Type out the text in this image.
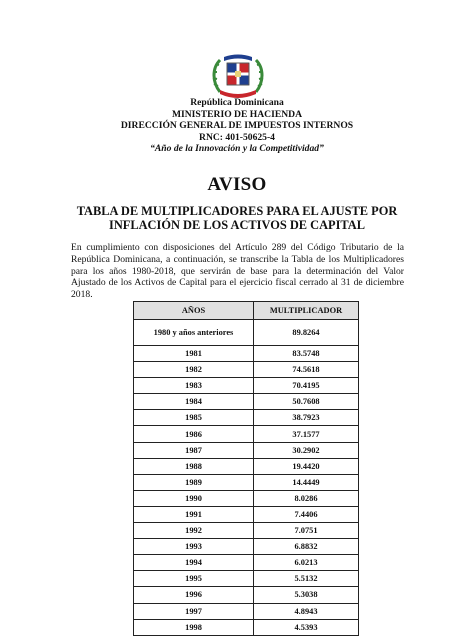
República Dominicana
MINISTERIO DE HACIENDA
DIRECCIÓN GENERAL DE IMPUESTOS INTERNOS
RNC: 401-50625-4
“Año de la Innovación y la Competitividad”
AVISO
TABLA DE MULTIPLICADORES PARA EL AJUSTE POR
INFLACIÓN DE LOS ACTIVOS DE CAPITAL
En cumplimiento con disposiciones del Artículo 289 del Código Tributario de la República Dominicana, a continuación, se transcribe la Tabla de los Multiplicadores para los años 1980-2018, que servirán de base para la determinación del Valor Ajustado de los Activos de Capital para el ejercicio fiscal cerrado al 31 de diciembre 2018.
AÑOS	MULTIPLICADOR
1980 y años anteriores	89.8264
1981	83.5748
1982	74.5618
1983	70.4195
1984	50.7608
1985	38.7923
1986	37.1577
1987	30.2902
1988	19.4420
1989	14.4449
1990	8.0286
1991	7.4406
1992	7.0751
1993	6.8832
1994	6.0213
1995	5.5132
1996	5.3038
1997	4.8943
1998	4.5393
